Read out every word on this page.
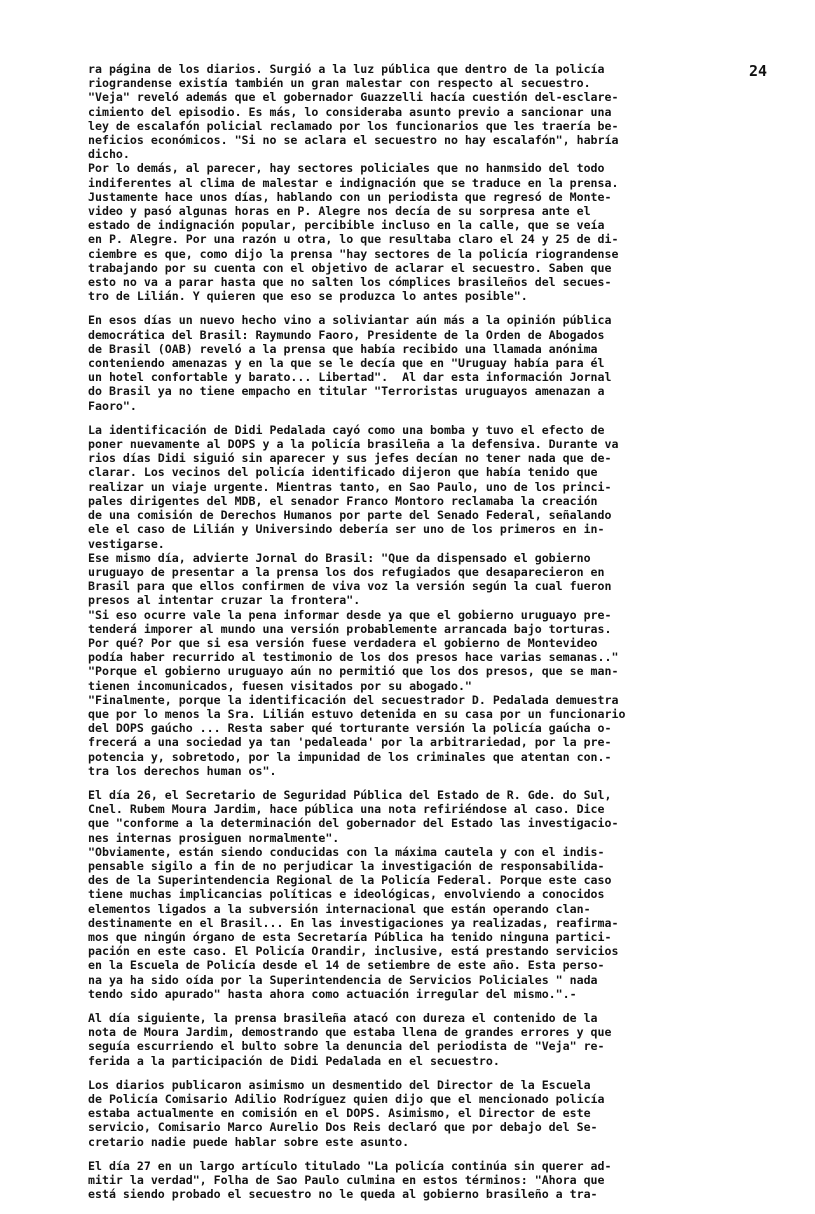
24
ra página de los diarios. Surgió a la luz pública que dentro de la policía
riograndense existía también un gran malestar con respecto al secuestro.
"Veja" reveló además que el gobernador Guazzelli hacía cuestión del-esclare-
cimiento del episodio. Es más, lo consideraba asunto previo a sancionar una
ley de escalafón policial reclamado por los funcionarios que les traería be-
neficios económicos. "Si no se aclara el secuestro no hay escalafón", habría
dicho.
Por lo demás, al parecer, hay sectores policiales que no hanmsido del todo
indiferentes al clima de malestar e indignación que se traduce en la prensa.
Justamente hace unos días, hablando con un periodista que regresó de Monte-
video y pasó algunas horas en P. Alegre nos decía de su sorpresa ante el
estado de indignación popular, percibible incluso en la calle, que se veía
en P. Alegre. Por una razón u otra, lo que resultaba claro el 24 y 25 de di-
ciembre es que, como dijo la prensa "hay sectores de la policía riograndense
trabajando por su cuenta con el objetivo de aclarar el secuestro. Saben que
esto no va a parar hasta que no salten los cómplices brasileños del secues-
tro de Lilián. Y quieren que eso se produzca lo antes posible".
En esos días un nuevo hecho vino a soliviantar aún más a la opinión pública
democrática del Brasil: Raymundo Faoro, Presidente de la Orden de Abogados
de Brasil (OAB) reveló a la prensa que había recibido una llamada anónima
conteniendo amenazas y en la que se le decía que en "Uruguay había para él
un hotel confortable y barato... Libertad".  Al dar esta información Jornal
do Brasil ya no tiene empacho en titular "Terroristas uruguayos amenazan a
Faoro".
La identificación de Didi Pedalada cayó como una bomba y tuvo el efecto de
poner nuevamente al DOPS y a la policía brasileña a la defensiva. Durante va
rios días Didi siguió sin aparecer y sus jefes decían no tener nada que de-
clarar. Los vecinos del policía identificado dijeron que había tenido que
realizar un viaje urgente. Mientras tanto, en Sao Paulo, uno de los princi-
pales dirigentes del MDB, el senador Franco Montoro reclamaba la creación
de una comisión de Derechos Humanos por parte del Senado Federal, señalando
ele el caso de Lilián y Universindo debería ser uno de los primeros en in-
vestigarse.
Ese mismo día, advierte Jornal do Brasil: "Que da dispensado el gobierno
uruguayo de presentar a la prensa los dos refugiados que desaparecieron en
Brasil para que ellos confirmen de viva voz la versión según la cual fueron
presos al intentar cruzar la frontera".
"Si eso ocurre vale la pena informar desde ya que el gobierno uruguayo pre-
tenderá imporer al mundo una versión probablemente arrancada bajo torturas.
Por qué? Por que si esa versión fuese verdadera el gobierno de Montevideo
podía haber recurrido al testimonio de los dos presos hace varias semanas.."
"Porque el gobierno uruguayo aún no permitió que los dos presos, que se man-
tienen incomunicados, fuesen visitados por su abogado."
"Finalmente, porque la identificación del secuestrador D. Pedalada demuestra
que por lo menos la Sra. Lilián estuvo detenida en su casa por un funcionario
del DOPS gaúcho ... Resta saber qué torturante versión la policía gaúcha o-
frecerá a una sociedad ya tan 'pedaleada' por la arbitrariedad, por la pre-
potencia y, sobretodo, por la impunidad de los criminales que atentan con.-
tra los derechos human os".
El día 26, el Secretario de Seguridad Pública del Estado de R. Gde. do Sul,
Cnel. Rubem Moura Jardim, hace pública una nota refiriéndose al caso. Dice
que "conforme a la determinación del gobernador del Estado las investigacio-
nes internas prosiguen normalmente".
"Obviamente, están siendo conducidas con la máxima cautela y con el indis-
pensable sigilo a fin de no perjudicar la investigación de responsabilida-
des de la Superintendencia Regional de la Policía Federal. Porque este caso
tiene muchas implicancias políticas e ideológicas, envolviendo a conocidos
elementos ligados a la subversión internacional que están operando clan-
destinamente en el Brasil... En las investigaciones ya realizadas, reafirma-
mos que ningún órgano de esta Secretaría Pública ha tenido ninguna partici-
pación en este caso. El Policía Orandir, inclusive, está prestando servicios
en la Escuela de Policía desde el 14 de setiembre de este año. Esta perso-
na ya ha sido oída por la Superintendencia de Servicios Policiales " nada
tendo sido apurado" hasta ahora como actuación irregular del mismo.".-
Al día siguiente, la prensa brasileña atacó con dureza el contenido de la
nota de Moura Jardim, demostrando que estaba llena de grandes errores y que
seguía escurriendo el bulto sobre la denuncia del periodista de "Veja" re-
ferida a la participación de Didi Pedalada en el secuestro.
Los diarios publicaron asimismo un desmentido del Director de la Escuela
de Policía Comisario Adilio Rodríguez quien dijo que el mencionado policía
estaba actualmente en comisión en el DOPS. Asimismo, el Director de este
servicio, Comisario Marco Aurelio Dos Reis declaró que por debajo del Se-
cretario nadie puede hablar sobre este asunto.
El día 27 en un largo artículo titulado "La policía continúa sin querer ad-
mitir la verdad", Folha de Sao Paulo culmina en estos términos: "Ahora que
está siendo probado el secuestro no le queda al gobierno brasileño a tra-
